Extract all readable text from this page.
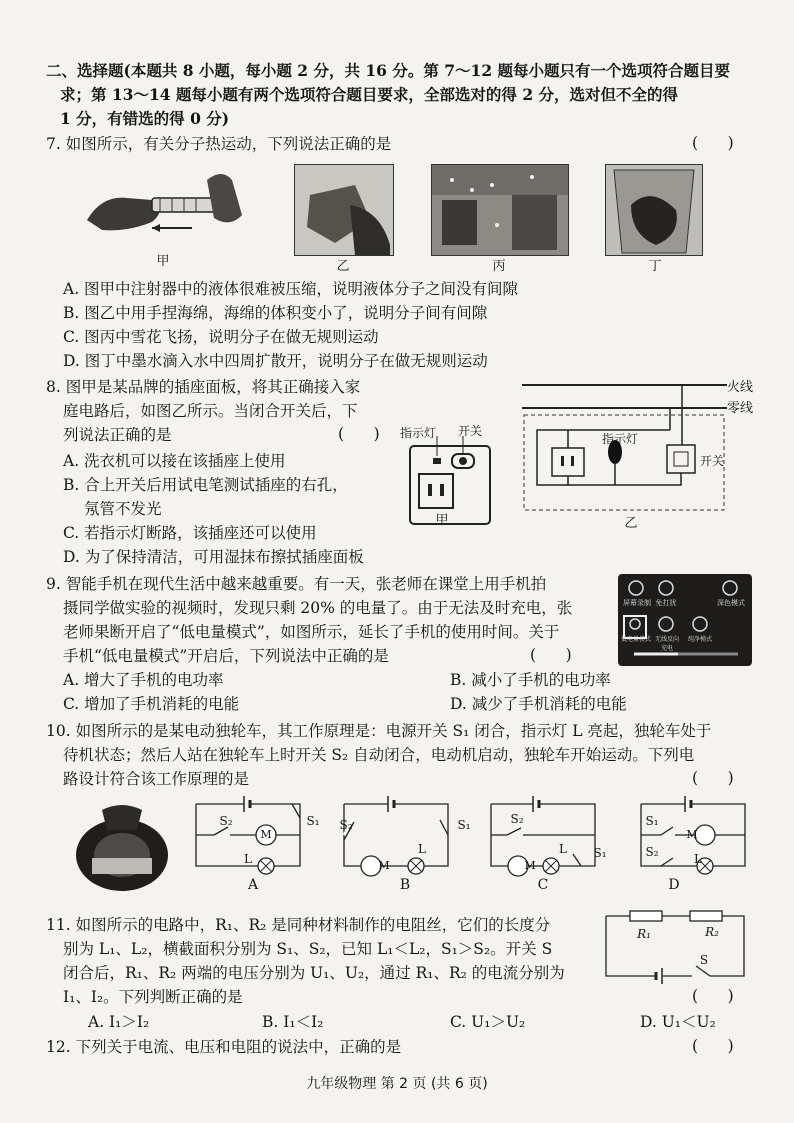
二、选择题(本题共 8 小题，每小题 2 分，共 16 分。第 7～12 题每小题只有一个选项符合题目要
求；第 13～14 题每小题有两个选项符合题目要求，全部选对的得 2 分，选对但不全的得
1 分，有错选的得 0 分)
7. 如图所示，有关分子热运动，下列说法正确的是	(      )
甲	乙	丙	丁
A. 图甲中注射器中的液体很难被压缩，说明液体分子之间没有间隙
B. 图乙中用手捏海绵，海绵的体积变小了，说明分子间有间隙
C. 图丙中雪花飞扬，说明分子在做无规则运动
D. 图丁中墨水滴入水中四周扩散开，说明分子在做无规则运动
8. 图甲是某品牌的插座面板，将其正确接入家
庭电路后，如图乙所示。当闭合开关后，下
列说法正确的是	(      )
A. 洗衣机可以接在该插座上使用
B. 合上开关后用试电笔测试插座的右孔，
氖管不发光
C. 若指示灯断路，该插座还可以使用
D. 为了保持清洁，可用湿抹布擦拭插座面板
指示灯	开关
甲
火线
零线
指示灯
开关
乙
9. 智能手机在现代生活中越来越重要。有一天，张老师在课堂上用手机拍
摄同学做实验的视频时，发现只剩 20% 的电量了。由于无法及时充电，张
老师果断开启了“低电量模式”，如图所示，延长了手机的使用时间。关于
手机“低电量模式”开启后，下列说法中正确的是	(      )
A. 增大了手机的电功率	B. 减小了手机的电功率
C. 增加了手机消耗的电能	D. 减少了手机消耗的电能
屏幕录制 免打扰	深色模式
低电量模式 无线反向充电
纯净模式
10. 如图所示的是某电动独轮车，其工作原理是：电源开关 S₁ 闭合，指示灯 L 亮起，独轮车处于
待机状态；然后人站在独轮车上时开关 S₂ 自动闭合，电动机启动，独轮车开始运动。下列电
路设计符合该工作原理的是	(      )
S₂	S₁
M
L
A
S₂	S₁
M
L
B
S₂
S₁
M
L
C
S₁
S₂
M
L
D
11. 如图所示的电路中，R₁、R₂ 是同种材料制作的电阻丝，它们的长度分
别为 L₁、L₂，横截面积分别为 S₁、S₂，已知 L₁＜L₂，S₁＞S₂。开关 S
闭合后，R₁、R₂ 两端的电压分别为 U₁、U₂，通过 R₁、R₂ 的电流分别为
I₁、I₂。下列判断正确的是	(      )
A. I₁＞I₂	B. I₁＜I₂	C. U₁＞U₂	D. U₁＜U₂
R₁	R₂
S
12. 下列关于电流、电压和电阻的说法中，正确的是	(      )
九年级物理 第 2 页 (共 6 页)
